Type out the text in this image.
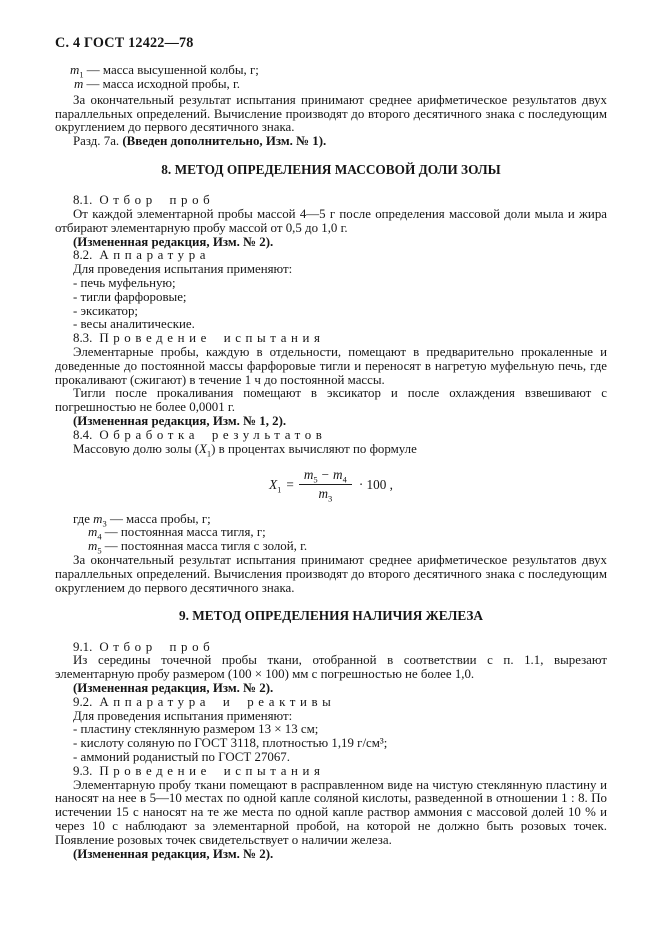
С. 4 ГОСТ 12422—78

$m_1$ — масса высушенной колбы, г;

m — масса исходной пробы, г.

За окончательный результат испытания принимают среднее арифметическое результатов двух параллельных определений. Вычисление производят до второго десятичного знака с последующим округлением до первого десятичного знака.

Разд. 7а. (Введен дополнительно, Изм. № 1).

8. МЕТОД ОПРЕДЕЛЕНИЯ МАССОВОЙ ДОЛИ ЗОЛЫ

8.1. Отбор проб

От каждой элементарной пробы массой 4—5 г после определения массовой доли мыла и жира отбирают элементарную пробу массой от 0,5 до 1,0 г.

(Измененная редакция, Изм. № 2).

8.2. Аппаратура

Для проведения испытания применяют:

- печь муфельную;

- тигли фарфоровые;

- эксикатор;

- весы аналитические.

8.3. Проведение испытания

Элементарные пробы, каждую в отдельности, помещают в предварительно прокаленные и доведенные до постоянной массы фарфоровые тигли и переносят в нагретую муфельную печь, где прокаливают (сжигают) в течение 1 ч до постоянной массы.

Тигли после прокаливания помещают в эксикатор и после охлаждения взвешивают с погрешностью не более 0,0001 г.

(Измененная редакция, Изм. № 1, 2).

8.4. Обработка результатов

Массовую долю золы $(X_1)$ в процентах вычисляют по формуле

$X_1 = \frac{m_5 - m_4}{m_3} \cdot 100$ ,

где $m_3$ — масса пробы, г;

$m_4$ — постоянная масса тигля, г;

$m_5$ — постоянная масса тигля с золой, г.

За окончательный результат испытания принимают среднее арифметическое результатов двух параллельных определений. Вычисления производят до второго десятичного знака с последующим округлением до первого десятичного знака.

9. МЕТОД ОПРЕДЕЛЕНИЯ НАЛИЧИЯ ЖЕЛЕЗА

9.1. Отбор проб

Из середины точечной пробы ткани, отобранной в соответствии с п. 1.1, вырезают элементарную пробу размером (100 × 100) мм с погрешностью не более 1,0.

(Измененная редакция, Изм. № 2).

9.2. Аппаратура и реактивы

Для проведения испытания применяют:

- пластину стеклянную размером 13 × 13 см;

- кислоту соляную по ГОСТ 3118, плотностью 1,19 г/см³;

- аммоний роданистый по ГОСТ 27067.

9.3. Проведение испытания

Элементарную пробу ткани помещают в расправленном виде на чистую стеклянную пластину и наносят на нее в 5—10 местах по одной капле соляной кислоты, разведенной в отношении 1 : 8. По истечении 15 с наносят на те же места по одной капле раствор аммония с массовой долей 10 % и через 10 с наблюдают за элементарной пробой, на которой не должно быть розовых точек. Появление розовых точек свидетельствует о наличии железа.

(Измененная редакция, Изм. № 2).
